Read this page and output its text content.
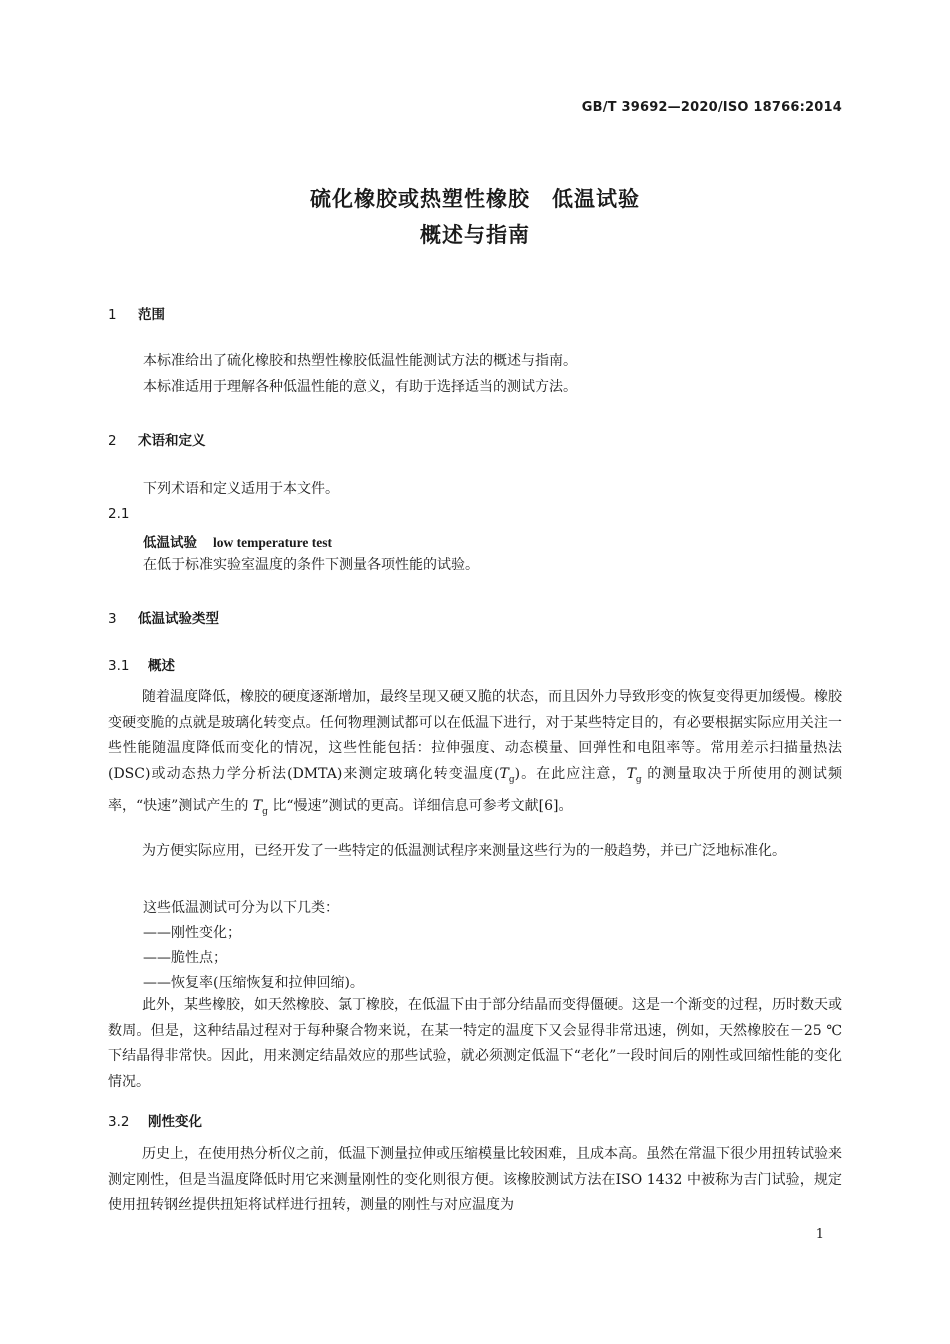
GB/T 39692—2020/ISO 18766:2014
硫化橡胶或热塑性橡胶　低温试验
概述与指南
1 范围
本标准给出了硫化橡胶和热塑性橡胶低温性能测试方法的概述与指南。
本标准适用于理解各种低温性能的意义，有助于选择适当的测试方法。
2 术语和定义
下列术语和定义适用于本文件。
2.1
低温试验 low temperature test
在低于标准实验室温度的条件下测量各项性能的试验。
3 低温试验类型
3.1 概述
随着温度降低，橡胶的硬度逐渐增加，最终呈现又硬又脆的状态，而且因外力导致形变的恢复变得更加缓慢。橡胶变硬变脆的点就是玻璃化转变点。任何物理测试都可以在低温下进行，对于某些特定目的，有必要根据实际应用关注一些性能随温度降低而变化的情况，这些性能包括：拉伸强度、动态模量、回弹性和电阻率等。常用差示扫描量热法(DSC)或动态热力学分析法(DMTA)来测定玻璃化转变温度$(T_g)$。在此应注意，$T_g$ 的测量取决于所使用的测试频率，“快速”测试产生的 $T_g$ 比“慢速”测试的更高。详细信息可参考文献[6]。
为方便实际应用，已经开发了一些特定的低温测试程序来测量这些行为的一般趋势，并已广泛地标准化。
这些低温测试可分为以下几类：
——刚性变化；
——脆性点；
——恢复率(压缩恢复和拉伸回缩)。
此外，某些橡胶，如天然橡胶、氯丁橡胶，在低温下由于部分结晶而变得僵硬。这是一个渐变的过程，历时数天或数周。但是，这种结晶过程对于每种聚合物来说，在某一特定的温度下又会显得非常迅速，例如，天然橡胶在－25 ℃下结晶得非常快。因此，用来测定结晶效应的那些试验，就必须测定低温下“老化”一段时间后的刚性或回缩性能的变化情况。
3.2 刚性变化
历史上，在使用热分析仪之前，低温下测量拉伸或压缩模量比较困难，且成本高。虽然在常温下很少用扭转试验来测定刚性，但是当温度降低时用它来测量刚性的变化则很方便。该橡胶测试方法在ISO 1432 中被称为吉门试验，规定使用扭转钢丝提供扭矩将试样进行扭转，测量的刚性与对应温度为
1
